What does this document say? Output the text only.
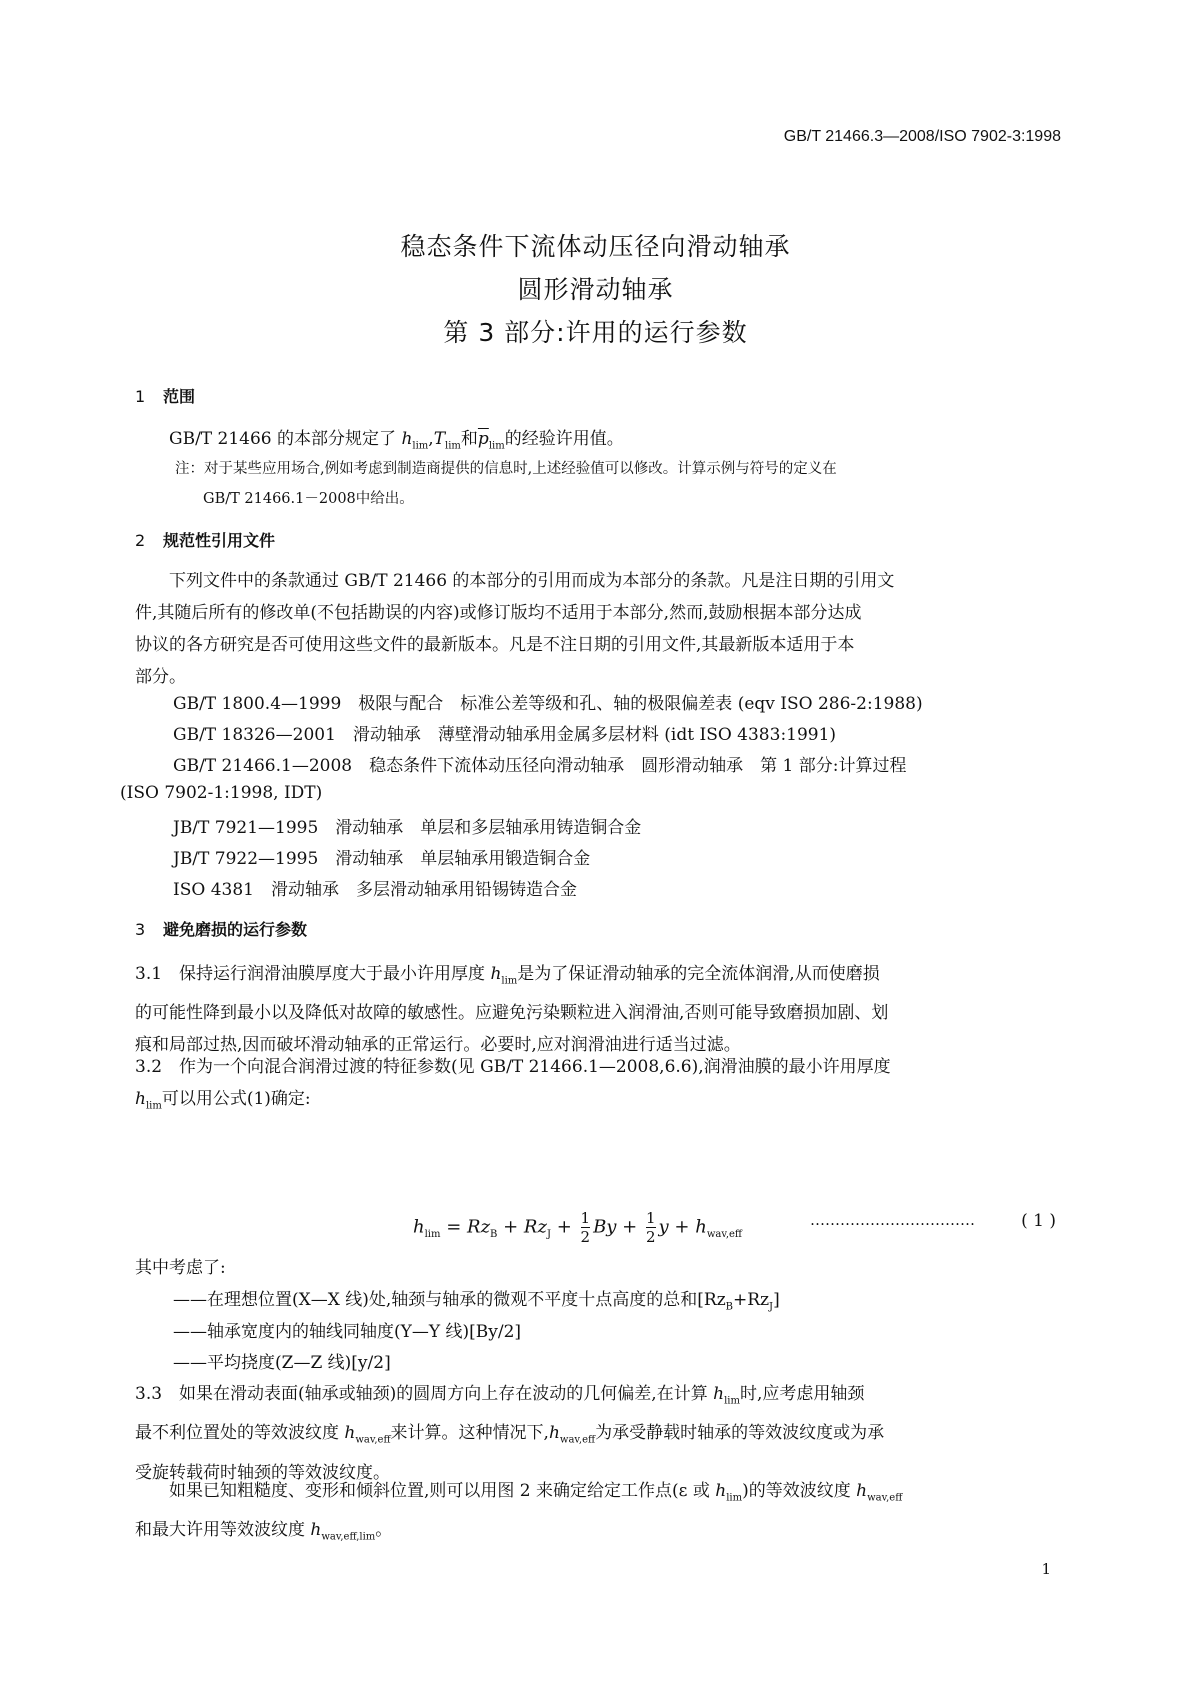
GB/T 21466.3—2008/ISO 7902-3:1998
稳态条件下流体动压径向滑动轴承
圆形滑动轴承
第 3 部分:许用的运行参数
1 范围
GB/T 21466 的本部分规定了 $h_{lim},T_{lim}$和$\overline{p}_{lim}$的经验许用值。
注：对于某些应用场合,例如考虑到制造商提供的信息时,上述经验值可以修改。计算示例与符号的定义在
GB/T 21466.1－2008中给出。
2 规范性引用文件
下列文件中的条款通过 GB/T 21466 的本部分的引用而成为本部分的条款。凡是注日期的引用文
件,其随后所有的修改单(不包括勘误的内容)或修订版均不适用于本部分,然而,鼓励根据本部分达成
协议的各方研究是否可使用这些文件的最新版本。凡是不注日期的引用文件,其最新版本适用于本
部分。
GB/T 1800.4—1999　极限与配合　标准公差等级和孔、轴的极限偏差表 (eqv ISO 286-2:1988)
GB/T 18326—2001　滑动轴承　薄壁滑动轴承用金属多层材料 (idt ISO 4383:1991)
GB/T 21466.1—2008　稳态条件下流体动压径向滑动轴承　圆形滑动轴承　第 1 部分:计算过程
(ISO 7902-1:1998, IDT)
JB/T 7921—1995　滑动轴承　单层和多层轴承用铸造铜合金
JB/T 7922—1995　滑动轴承　单层轴承用锻造铜合金
ISO 4381　滑动轴承　多层滑动轴承用铅锡铸造合金
3 避免磨损的运行参数
3.1　保持运行润滑油膜厚度大于最小许用厚度 $h_{lim}$是为了保证滑动轴承的完全流体润滑,从而使磨损
的可能性降到最小以及降低对故障的敏感性。应避免污染颗粒进入润滑油,否则可能导致磨损加剧、划
痕和局部过热,因而破坏滑动轴承的正常运行。必要时,应对润滑油进行适当过滤。
3.2　作为一个向混合润滑过渡的特征参数(见 GB/T 21466.1—2008,6.6),润滑油膜的最小许用厚度
$h_{lim}$可以用公式(1)确定:
$h_{lim} = Rz_B + Rz_J + \frac{1}{2}$ $By + \frac{1}{2}$ $y + h_{wav,eff}$
……………………………	( 1 )
其中考虑了:
——在理想位置(X—X 线)处,轴颈与轴承的微观不平度十点高度的总和$[Rz_B+Rz_J]$
——轴承宽度内的轴线同轴度(Y—Y 线)[By/2]
——平均挠度(Z—Z 线)[y/2]
3.3　如果在滑动表面(轴承或轴颈)的圆周方向上存在波动的几何偏差,在计算 $h_{lim}$时,应考虑用轴颈
最不利位置处的等效波纹度 $h_{wav,eff}$来计算。这种情况下$,h_{wav,eff}$为承受静载时轴承的等效波纹度或为承
受旋转载荷时轴颈的等效波纹度。
如果已知粗糙度、变形和倾斜位置,则可以用图 2 来确定给定工作点(ε 或 $h_{lim}$)的等效波纹度 $h_{wav,eff}$
和最大许用等效波纹度 $h_{wav,eff,lim}$。
1
